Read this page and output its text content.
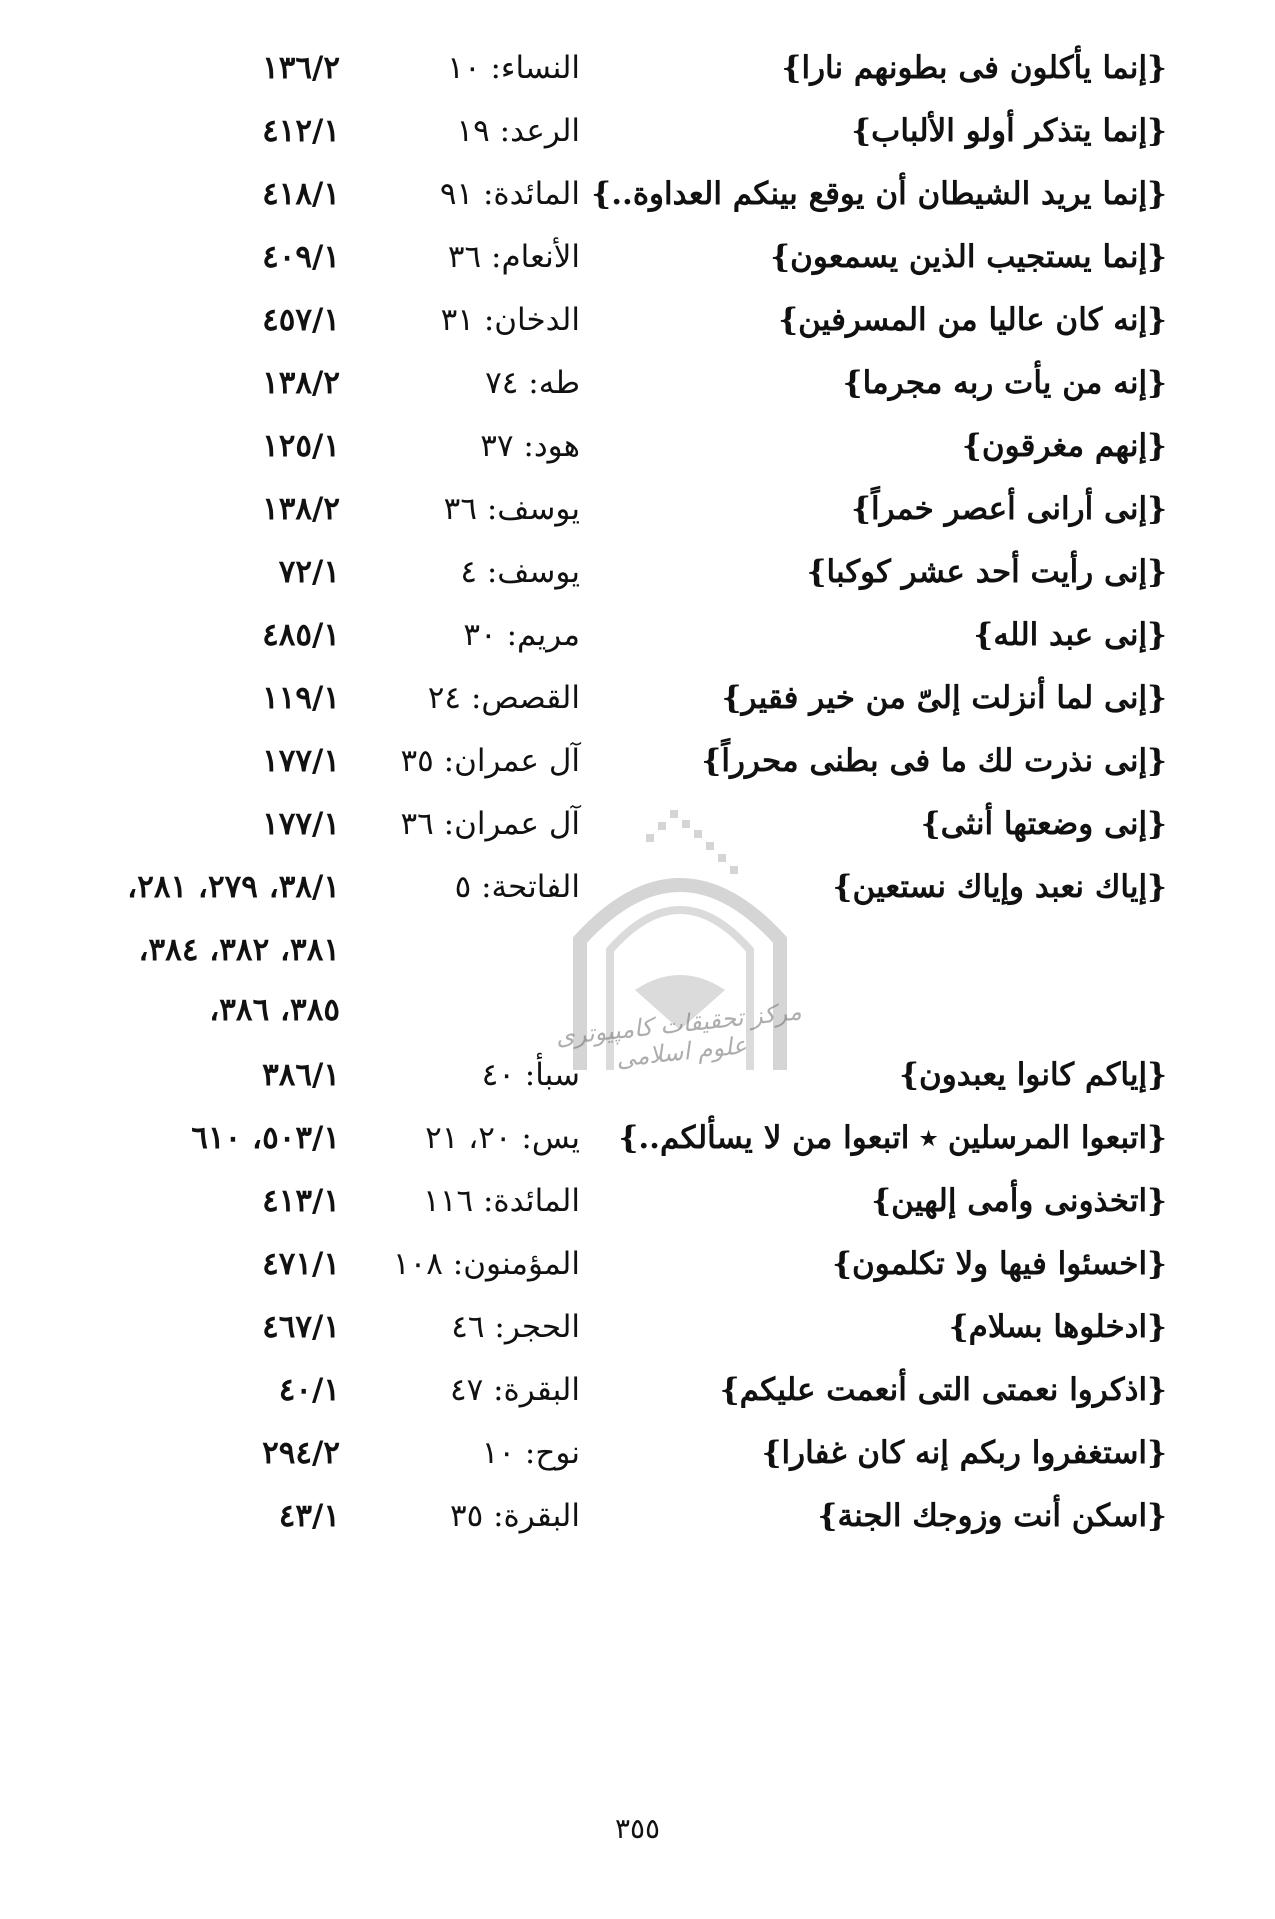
مرکز تحقیقات کامپیوتری علوم اسلامی
{إنما يأكلون فى بطونهم نارا}
النساء: ١٠
١٣٦/٢
{إنما يتذكر أولو الألباب}
الرعد: ١٩
٤١٢/١
{إنما يريد الشيطان أن يوقع بينكم العداوة..}
المائدة: ٩١
٤١٨/١
{إنما يستجيب الذين يسمعون}
الأنعام: ٣٦
٤٠٩/١
{إنه كان عاليا من المسرفين}
الدخان: ٣١
٤٥٧/١
{إنه من يأت ربه مجرما}
طه: ٧٤
١٣٨/٢
{إنهم مغرقون}
هود: ٣٧
١٢٥/١
{إنى أرانى أعصر خمراً}
يوسف: ٣٦
١٣٨/٢
{إنى رأيت أحد عشر كوكبا}
يوسف: ٤
٧٢/١
{إنى عبد الله}
مريم: ٣٠
٤٨٥/١
{إنى لما أنزلت إلىّ من خير فقير}
القصص: ٢٤
١١٩/١
{إنى نذرت لك ما فى بطنى محرراً}
آل عمران: ٣٥
١٧٧/١
{إنى وضعتها أنثى}
آل عمران: ٣٦
١٧٧/١
{إياك نعبد وإياك نستعين}
الفاتحة: ٥
٣٨/١، ٢٧٩، ٢٨١،
٣٨١، ٣٨٢، ٣٨٤،
٣٨٥، ٣٨٦،
{إياكم كانوا يعبدون}
سبأ: ٤٠
٣٨٦/١
{اتبعوا المرسلين ٭ اتبعوا من لا يسألكم..}
يس: ٢٠، ٢١
٥٠٣/١، ٦١٠
{اتخذونى وأمى إلهين}
المائدة: ١١٦
٤١٣/١
{اخسئوا فيها ولا تكلمون}
المؤمنون: ١٠٨
٤٧١/١
{ادخلوها بسلام}
الحجر: ٤٦
٤٦٧/١
{اذكروا نعمتى التى أنعمت عليكم}
البقرة: ٤٧
٤٠/١
{استغفروا ربكم إنه كان غفارا}
نوح: ١٠
٢٩٤/٢
{اسكن أنت وزوجك الجنة}
البقرة: ٣٥
٤٣/١
٣٥٥
